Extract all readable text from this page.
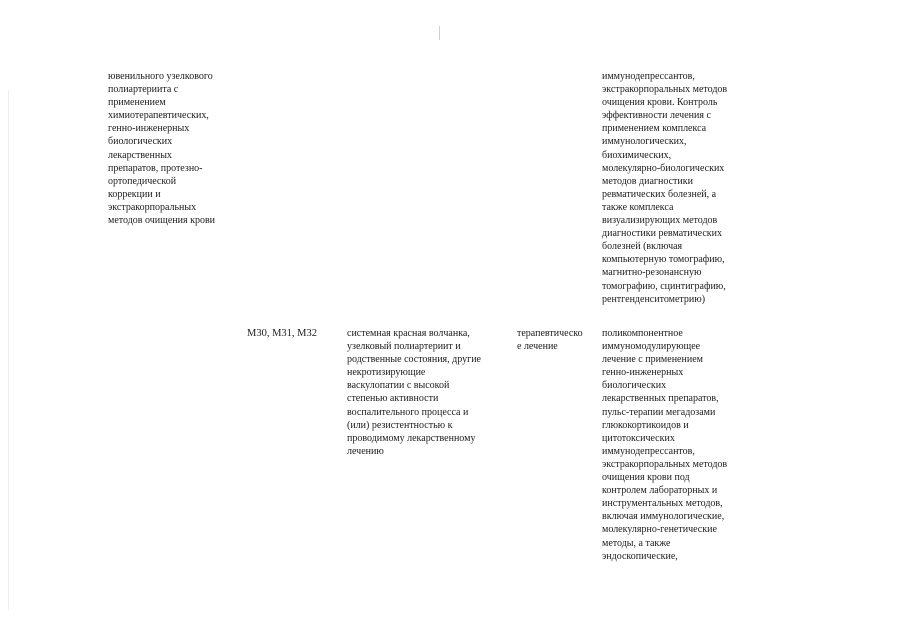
ювенильного узелкового
полиартериита с
применением
химиотерапевтических,
генно-инженерных
биологических
лекарственных
препаратов, протезно-
ортопедической
коррекции и
экстракорпоральных
методов очищения крови
иммунодепрессантов,
экстракорпоральных методов
очищения крови. Контроль
эффективности лечения с
применением комплекса
иммунологических,
биохимических,
молекулярно-биологических
методов диагностики
ревматических болезней, а
также комплекса
визуализирующих методов
диагностики ревматических
болезней (включая
компьютерную томографию,
магнитно-резонансную
томографию, сцинтиграфию,
рентгенденситометрию)
M30, M31, M32	системная красная волчанка,
узелковый полиартериит и
родственные состояния, другие
некротизирующие
васкулопатии с высокой
степенью активности
воспалительного процесса и
(или) резистентностью к
проводимому лекарственному
лечению
терапевтическо
е лечение
поликомпонентное
иммуномодулирующее
лечение с применением
генно-инженерных
биологических
лекарственных препаратов,
пульс-терапии мегадозами
глюкокортикоидов и
цитотоксических
иммунодепрессантов,
экстракорпоральных методов
очищения крови под
контролем лабораторных и
инструментальных методов,
включая иммунологические,
молекулярно-генетические
методы, а также
эндоскопические,
